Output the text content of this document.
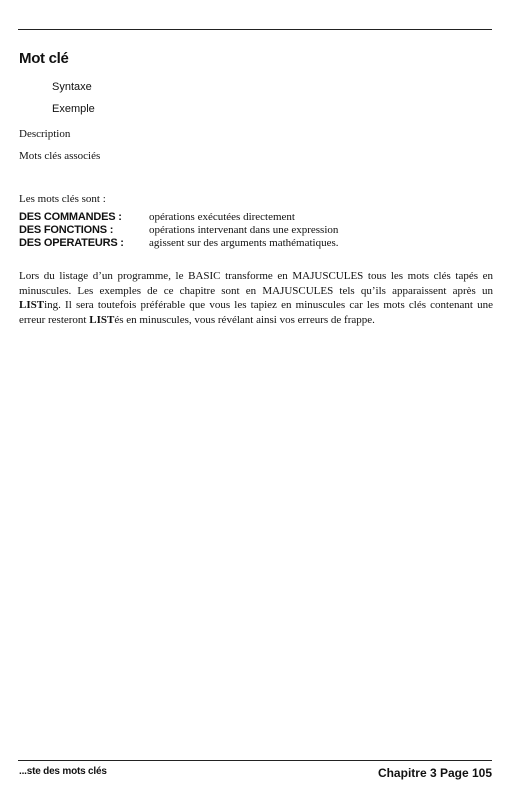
Mot clé
Syntaxe
Exemple
Description
Mots clés associés
Les mots clés sont :
DES COMMANDES :	opérations exécutées directement
DES FONCTIONS :	opérations intervenant dans une expression
DES OPERATEURS :	agissent sur des arguments mathématiques.

Lors du listage d’un programme, le BASIC transforme en MAJUSCULES tous les mots clés tapés en minuscules. Les exemples de ce chapitre sont en MAJUSCULES tels qu’ils apparaissent après un LISTing. Il sera toutefois préférable que vous les tapiez en minuscules car les mots clés contenant une erreur resteront LISTés en minuscules, vous révélant ainsi vos erreurs de frappe.

...ste des mots clés	Chapitre 3 Page 105
